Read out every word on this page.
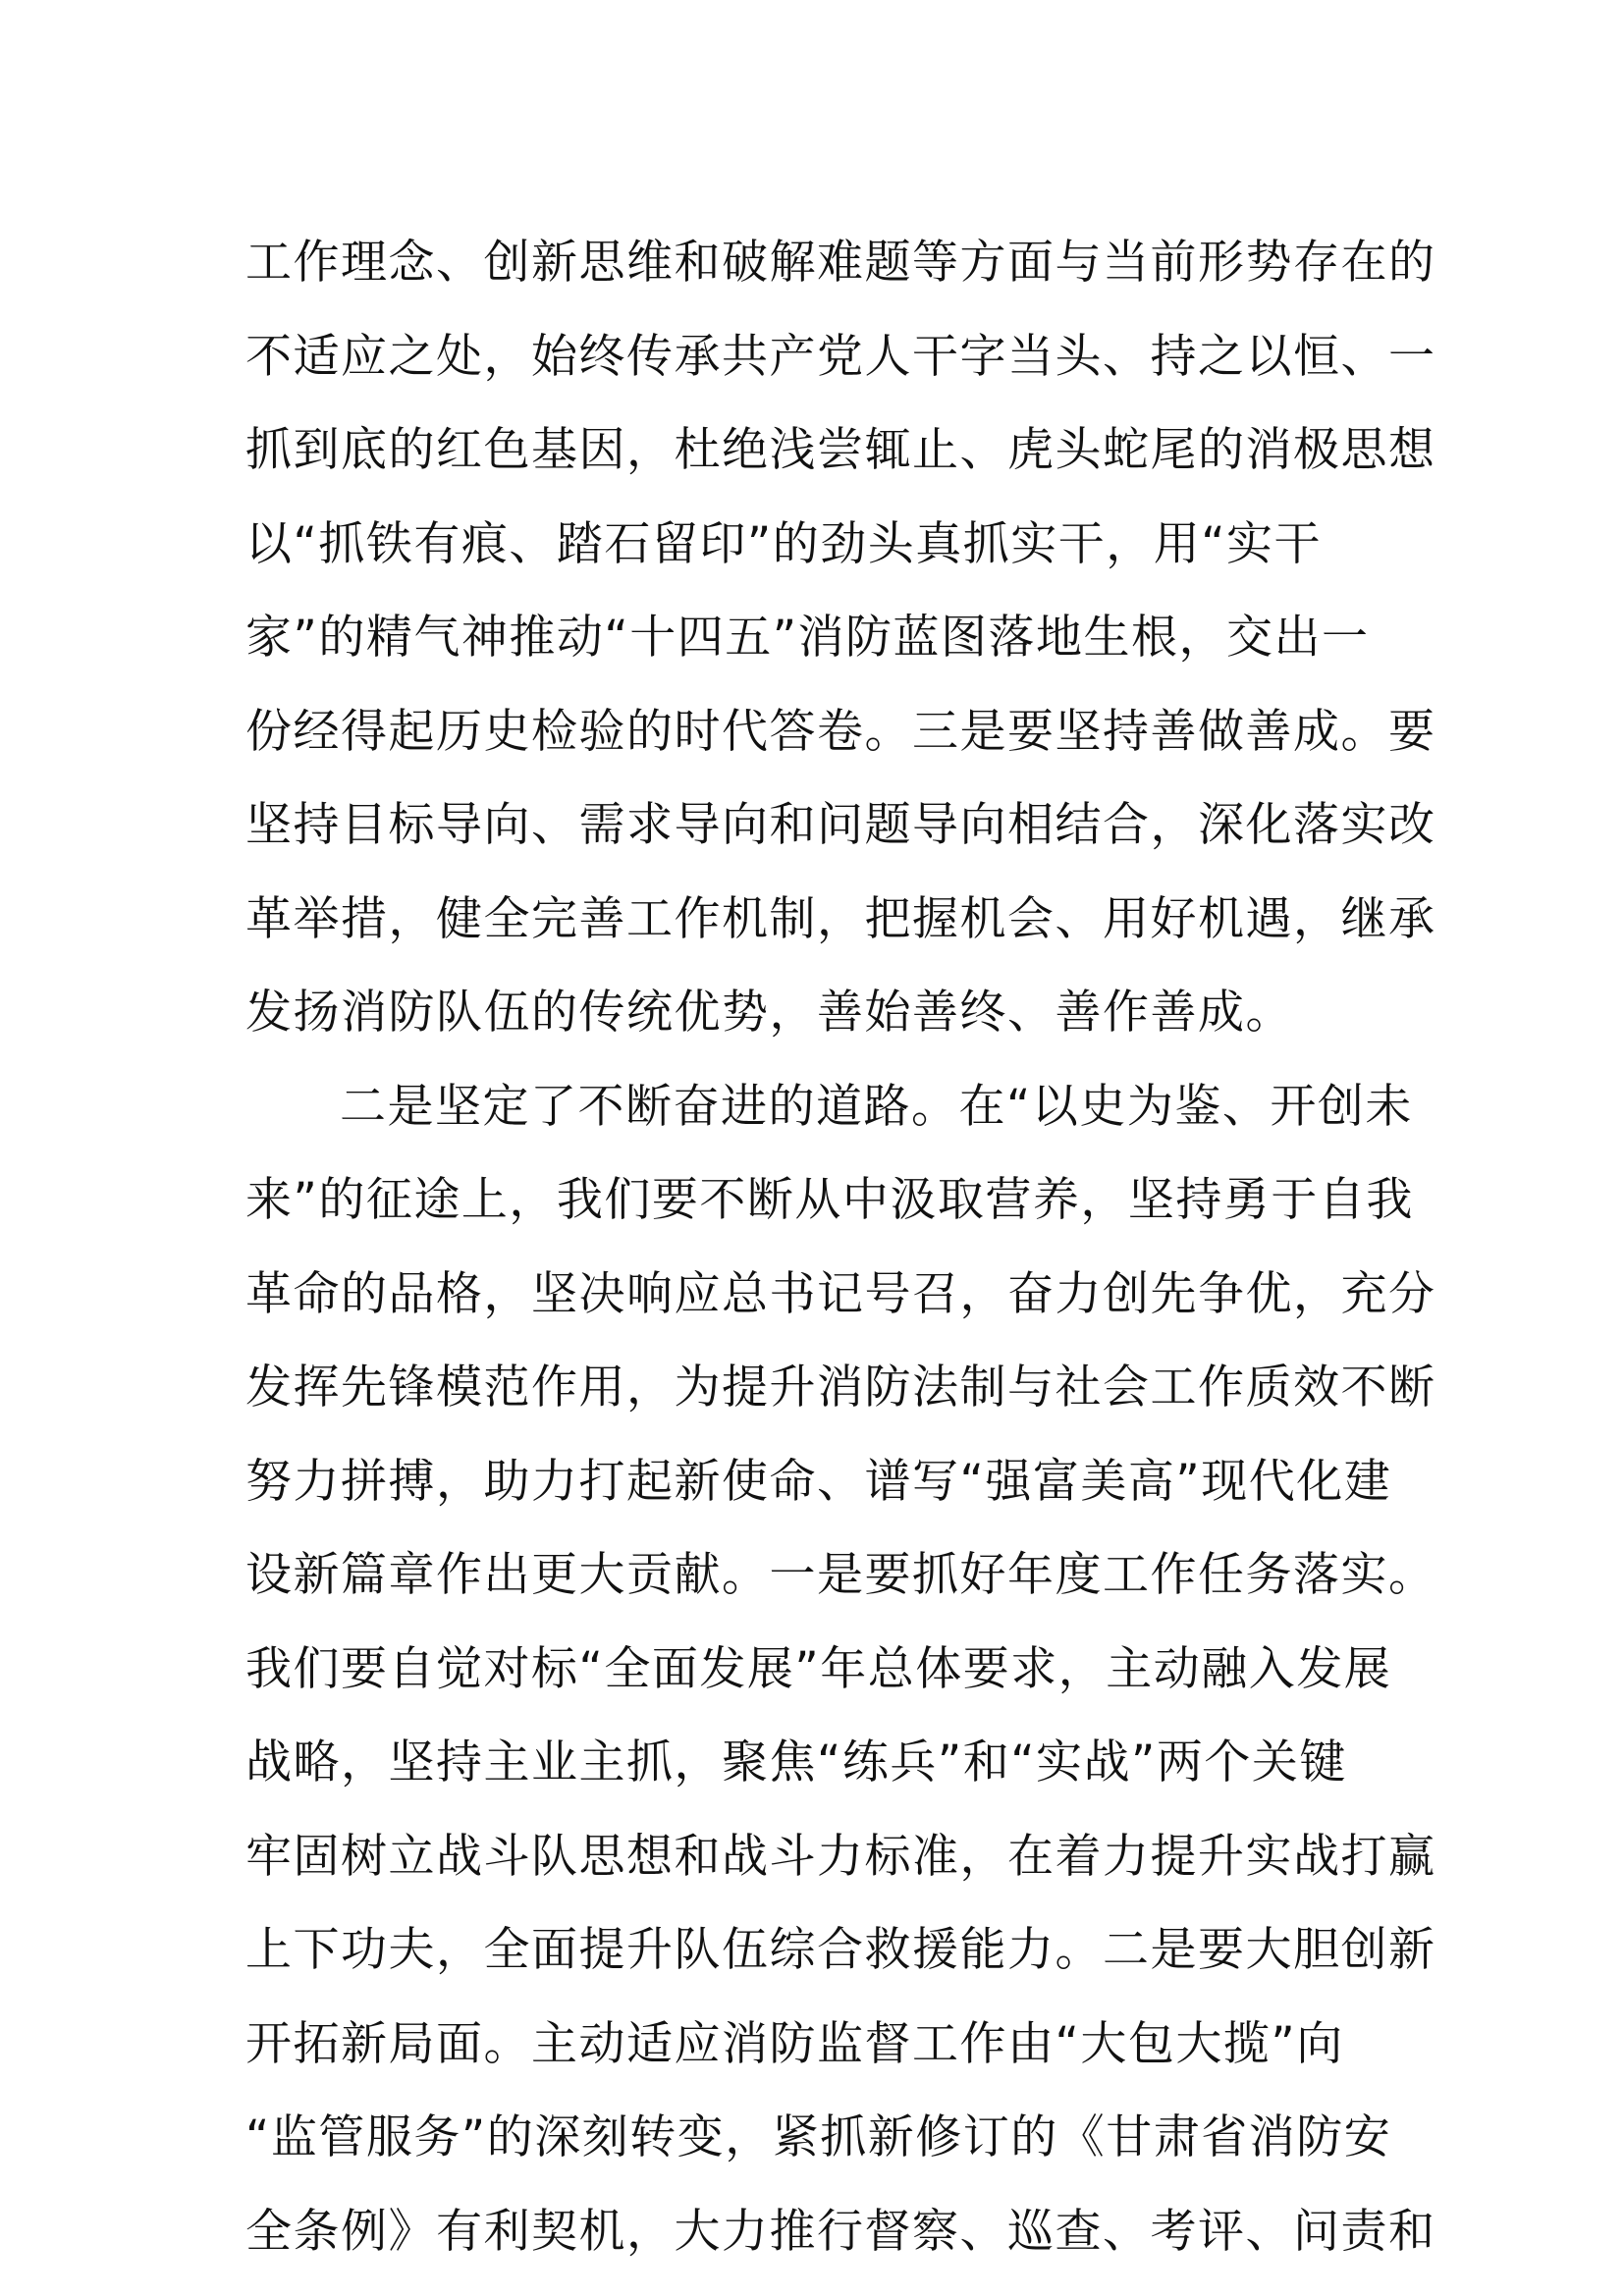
工作理念、创新思维和破解难题等方面与当前形势存在的
不适应之处，始终传承共产党人干字当头、持之以恒、一
抓到底的红色基因，杜绝浅尝辄止、虎头蛇尾的消极思想
以“抓铁有痕、踏石留印”的劲头真抓实干，用“实干
家”的精气神推动“十四五”消防蓝图落地生根，交出一
份经得起历史检验的时代答卷。三是要坚持善做善成。要
坚持目标导向、需求导向和问题导向相结合，深化落实改
革举措，健全完善工作机制，把握机会、用好机遇，继承
发扬消防队伍的传统优势，善始善终、善作善成。
二是坚定了不断奋进的道路。在“以史为鉴、开创未
来”的征途上，我们要不断从中汲取营养，坚持勇于自我
革命的品格，坚决响应总书记号召，奋力创先争优，充分
发挥先锋模范作用，为提升消防法制与社会工作质效不断
努力拼搏，助力打起新使命、谱写“强富美高”现代化建
设新篇章作出更大贡献。一是要抓好年度工作任务落实。
我们要自觉对标“全面发展”年总体要求，主动融入发展
战略，坚持主业主抓，聚焦“练兵”和“实战”两个关键
牢固树立战斗队思想和战斗力标准，在着力提升实战打赢
上下功夫，全面提升队伍综合救援能力。二是要大胆创新
开拓新局面。主动适应消防监督工作由“大包大揽”向
“监管服务”的深刻转变，紧抓新修订的《甘肃省消防安
全条例》有利契机，大力推行督察、巡查、考评、问责和
